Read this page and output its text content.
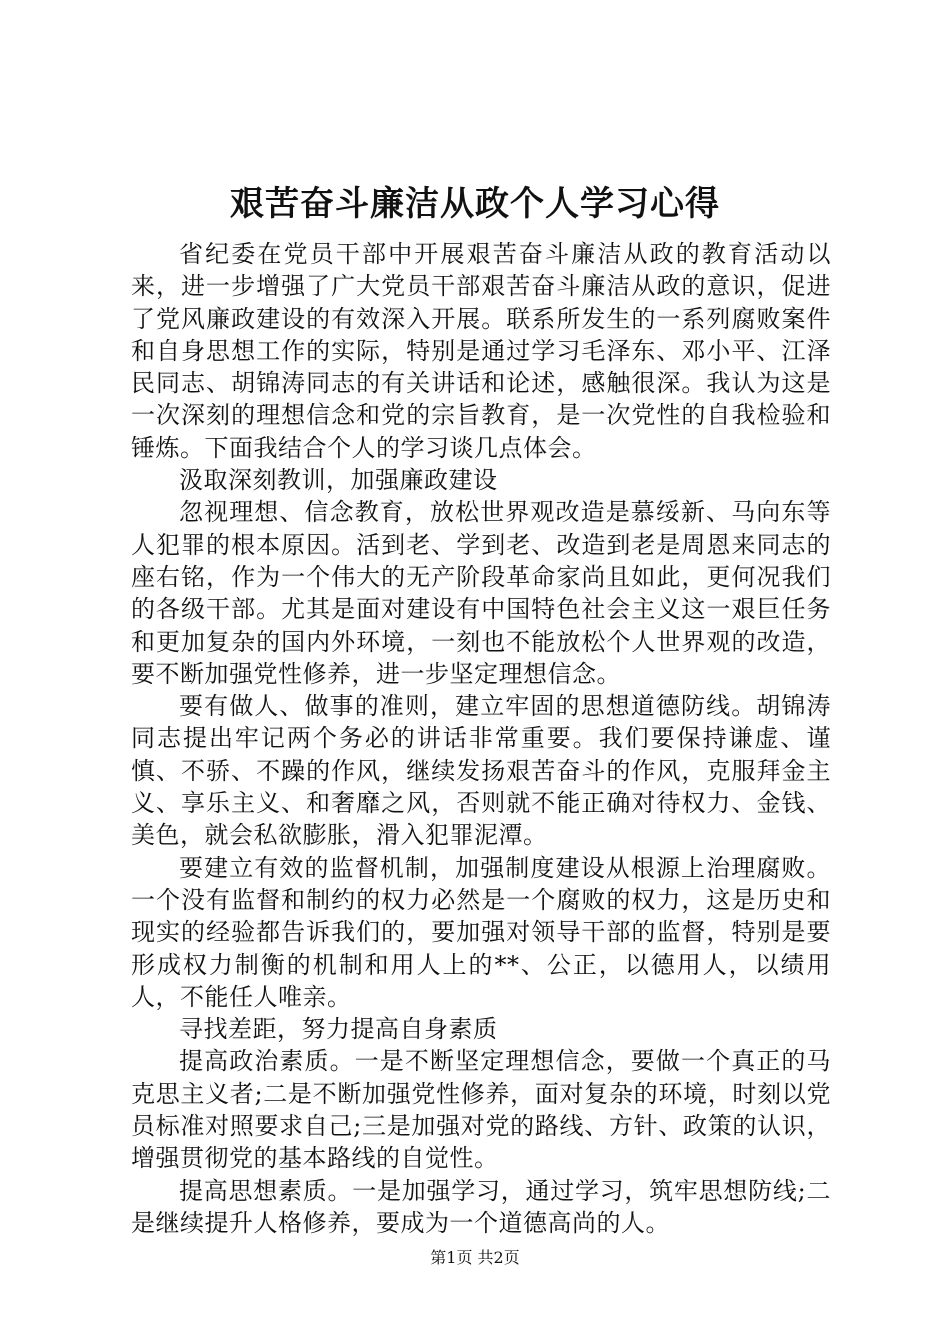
艰苦奋斗廉洁从政个人学习心得

省纪委在党员干部中开展艰苦奋斗廉洁从政的教育活动以来，进一步增强了广大党员干部艰苦奋斗廉洁从政的意识，促进了党风廉政建设的有效深入开展。联系所发生的一系列腐败案件和自身思想工作的实际，特别是通过学习毛泽东、邓小平、江泽民同志、胡锦涛同志的有关讲话和论述，感触很深。我认为这是一次深刻的理想信念和党的宗旨教育，是一次党性的自我检验和锤炼。下面我结合个人的学习谈几点体会。

汲取深刻教训，加强廉政建设

忽视理想、信念教育，放松世界观改造是慕绥新、马向东等人犯罪的根本原因。活到老、学到老、改造到老是周恩来同志的座右铭，作为一个伟大的无产阶段革命家尚且如此，更何况我们的各级干部。尤其是面对建设有中国特色社会主义这一艰巨任务和更加复杂的国内外环境，一刻也不能放松个人世界观的改造，要不断加强党性修养，进一步坚定理想信念。

要有做人、做事的准则，建立牢固的思想道德防线。胡锦涛同志提出牢记两个务必的讲话非常重要。我们要保持谦虚、谨慎、不骄、不躁的作风，继续发扬艰苦奋斗的作风，克服拜金主义、享乐主义、和奢靡之风，否则就不能正确对待权力、金钱、美色，就会私欲膨胀，滑入犯罪泥潭。

要建立有效的监督机制，加强制度建设从根源上治理腐败。一个没有监督和制约的权力必然是一个腐败的权力，这是历史和现实的经验都告诉我们的，要加强对领导干部的监督，特别是要形成权力制衡的机制和用人上的**、公正，以德用人，以绩用人，不能任人唯亲。

寻找差距，努力提高自身素质

提高政治素质。一是不断坚定理想信念，要做一个真正的马克思主义者;二是不断加强党性修养，面对复杂的环境，时刻以党员标准对照要求自己;三是加强对党的路线、方针、政策的认识，增强贯彻党的基本路线的自觉性。

提高思想素质。一是加强学习，通过学习，筑牢思想防线;二是继续提升人格修养，要成为一个道德高尚的人。

第1页 共2页
